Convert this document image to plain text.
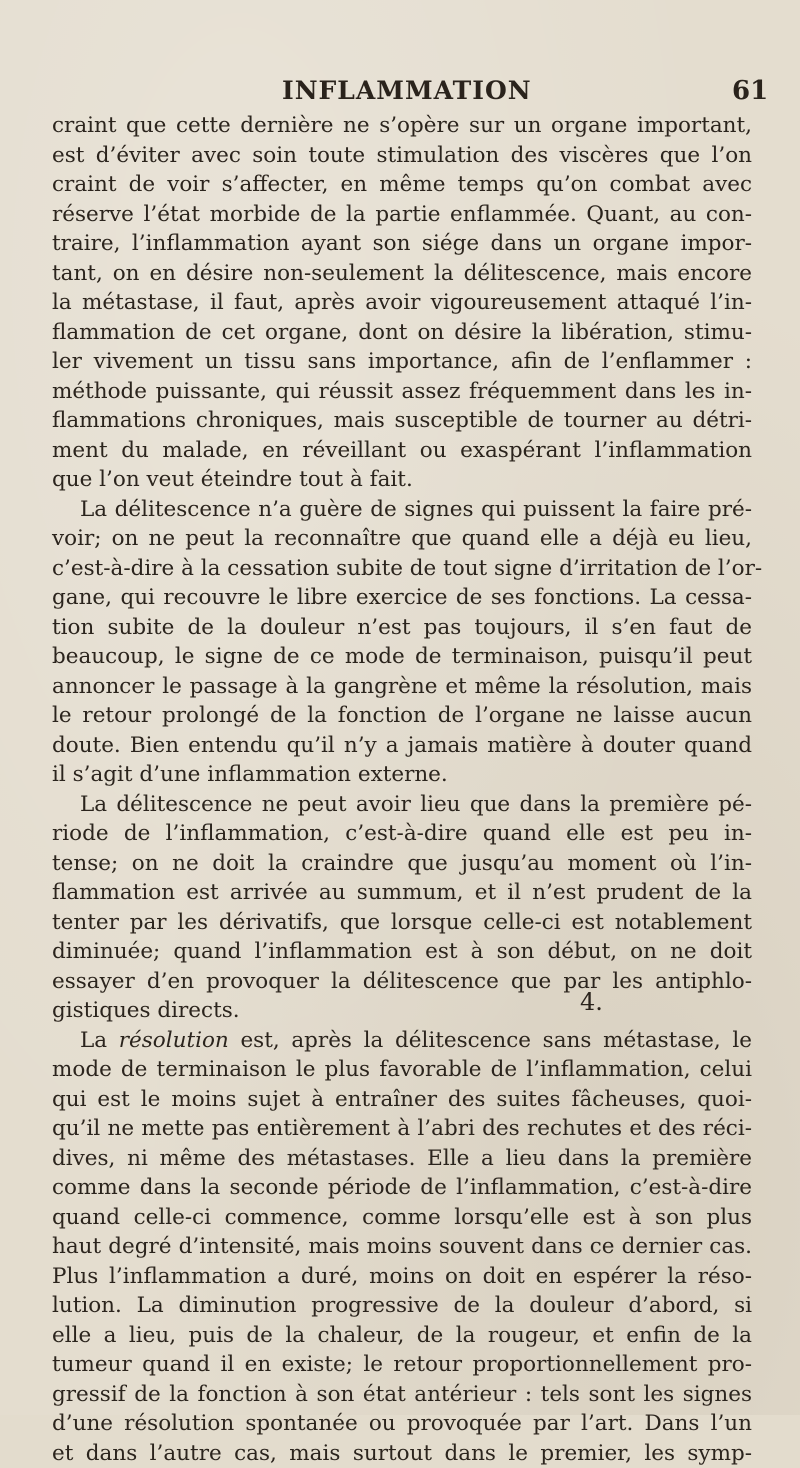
INFLAMMATION	61
craint que cette dernière ne s’opère sur un organe important,
est d’éviter avec soin toute stimulation des viscères que l’on
craint de voir s’affecter, en même temps qu’on combat avec
réserve l’état morbide de la partie enflammée. Quant, au con-
traire, l’inflammation ayant son siége dans un organe impor-
tant, on en désire non-seulement la délitescence, mais encore
la métastase, il faut, après avoir vigoureusement attaqué l’in-
flammation de cet organe, dont on désire la libération, stimu-
ler vivement un tissu sans importance, afin de l’enflammer :
méthode puissante, qui réussit assez fréquemment dans les in-
flammations chroniques, mais susceptible de tourner au détri-
ment du malade, en réveillant ou exaspérant l’inflammation
que l’on veut éteindre tout à fait.
La délitescence n’a guère de signes qui puissent la faire pré-
voir; on ne peut la reconnaître que quand elle a déjà eu lieu,
c’est-à-dire à la cessation subite de tout signe d’irritation de l’or-
gane, qui recouvre le libre exercice de ses fonctions. La cessa-
tion subite de la douleur n’est pas toujours, il s’en faut de
beaucoup, le signe de ce mode de terminaison, puisqu’il peut
annoncer le passage à la gangrène et même la résolution, mais
le retour prolongé de la fonction de l’organe ne laisse aucun
doute. Bien entendu qu’il n’y a jamais matière à douter quand
il s’agit d’une inflammation externe.
La délitescence ne peut avoir lieu que dans la première pé-
riode de l’inflammation, c’est-à-dire quand elle est peu in-
tense; on ne doit la craindre que jusqu’au moment où l’in-
flammation est arrivée au summum, et il n’est prudent de la
tenter par les dérivatifs, que lorsque celle-ci est notablement
diminuée; quand l’inflammation est à son début, on ne doit
essayer d’en provoquer la délitescence que par les antiphlo-
gistiques directs.
La résolution est, après la délitescence sans métastase, le
mode de terminaison le plus favorable de l’inflammation, celui
qui est le moins sujet à entraîner des suites fâcheuses, quoi-
qu’il ne mette pas entièrement à l’abri des rechutes et des réci-
dives, ni même des métastases. Elle a lieu dans la première
comme dans la seconde période de l’inflammation, c’est-à-dire
quand celle-ci commence, comme lorsqu’elle est à son plus
haut degré d’intensité, mais moins souvent dans ce dernier cas.
Plus l’inflammation a duré, moins on doit en espérer la réso-
lution. La diminution progressive de la douleur d’abord, si
elle a lieu, puis de la chaleur, de la rougeur, et enfin de la
tumeur quand il en existe; le retour proportionnellement pro-
gressif de la fonction à son état antérieur : tels sont les signes
d’une résolution spontanée ou provoquée par l’art. Dans l’un
et dans l’autre cas, mais surtout dans le premier, les symp-
4.
